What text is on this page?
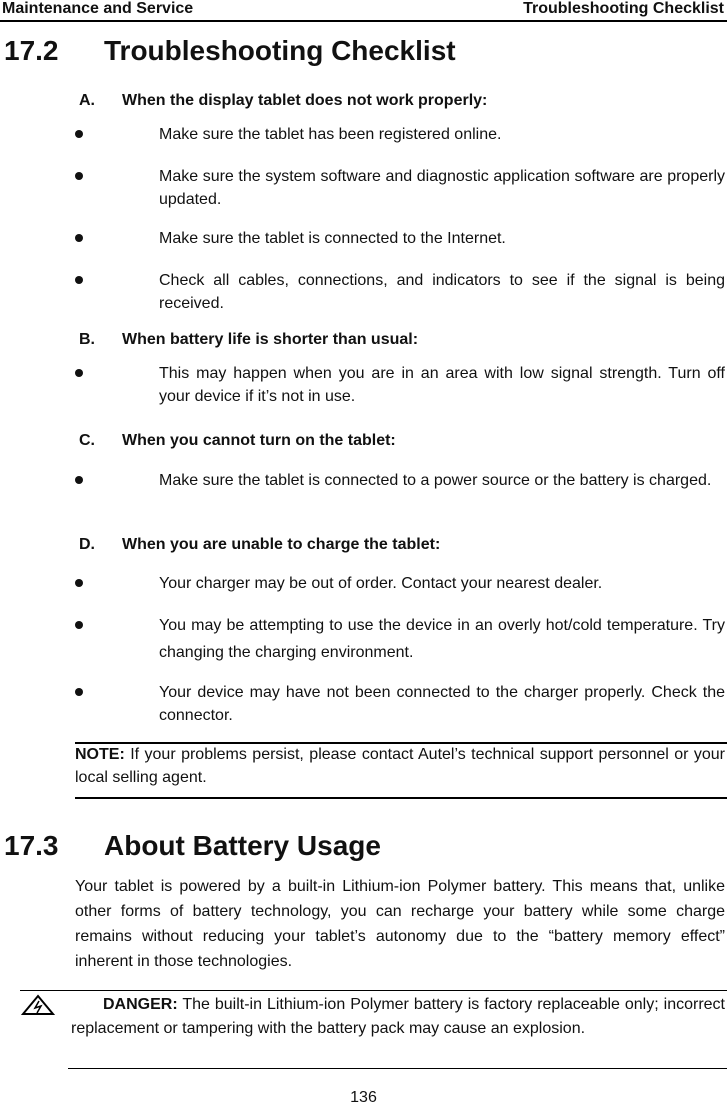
Maintenance and Service	Troubleshooting Checklist
17.2 Troubleshooting Checklist
A. When the display tablet does not work properly:
Make sure the tablet has been registered online.
Make sure the system software and diagnostic application software are properly updated.
Make sure the tablet is connected to the Internet.
Check all cables, connections, and indicators to see if the signal is being received.
B. When battery life is shorter than usual:
This may happen when you are in an area with low signal strength. Turn off your device if it’s not in use.
C. When you cannot turn on the tablet:
Make sure the tablet is connected to a power source or the battery is charged.
D. When you are unable to charge the tablet:
Your charger may be out of order. Contact your nearest dealer.
You may be attempting to use the device in an overly hot/cold temperature. Try changing the charging environment.
Your device may have not been connected to the charger properly. Check the connector.
NOTE: If your problems persist, please contact Autel’s technical support personnel or your local selling agent.
17.3 About Battery Usage
Your tablet is powered by a built-in Lithium-ion Polymer battery. This means that, unlike other forms of battery technology, you can recharge your battery while some charge remains without reducing your tablet’s autonomy due to the “battery memory effect” inherent in those technologies.
DANGER: The built-in Lithium-ion Polymer battery is factory replaceable only; incorrect replacement or tampering with the battery pack may cause an explosion.
136
